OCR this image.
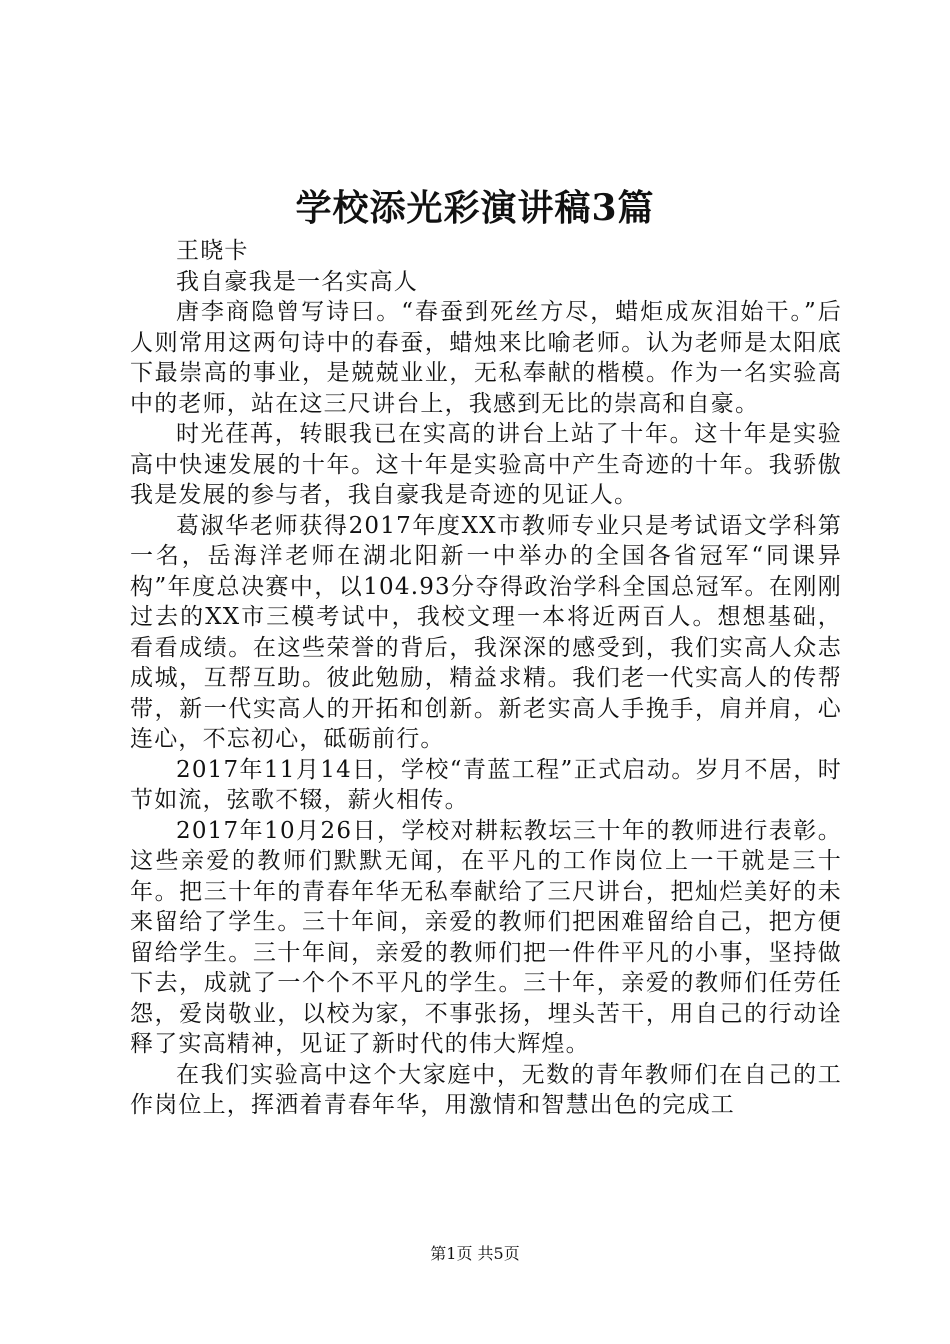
学校添光彩演讲稿3篇

王晓卡

我自豪我是一名实高人

唐李商隐曾写诗曰。“春蚕到死丝方尽，蜡炬成灰泪始干。”后人则常用这两句诗中的春蚕，蜡烛来比喻老师。认为老师是太阳底下最崇高的事业，是兢兢业业，无私奉献的楷模。作为一名实验高中的老师，站在这三尺讲台上，我感到无比的崇高和自豪。

时光荏苒，转眼我已在实高的讲台上站了十年。这十年是实验高中快速发展的十年。这十年是实验高中产生奇迹的十年。我骄傲我是发展的参与者，我自豪我是奇迹的见证人。

葛淑华老师获得2017年度XX市教师专业只是考试语文学科第一名，岳海洋老师在湖北阳新一中举办的全国各省冠军“同课异构”年度总决赛中，以104.93分夺得政治学科全国总冠军。在刚刚过去的XX市三模考试中，我校文理一本将近两百人。想想基础，看看成绩。在这些荣誉的背后，我深深的感受到，我们实高人众志成城，互帮互助。彼此勉励，精益求精。我们老一代实高人的传帮带，新一代实高人的开拓和创新。新老实高人手挽手，肩并肩，心连心，不忘初心，砥砺前行。

2017年11月14日，学校“青蓝工程”正式启动。岁月不居，时节如流，弦歌不辍，薪火相传。

2017年10月26日，学校对耕耘教坛三十年的教师进行表彰。这些亲爱的教师们默默无闻，在平凡的工作岗位上一干就是三十年。把三十年的青春年华无私奉献给了三尺讲台，把灿烂美好的未来留给了学生。三十年间，亲爱的教师们把困难留给自己，把方便留给学生。三十年间，亲爱的教师们把一件件平凡的小事，坚持做下去，成就了一个个不平凡的学生。三十年，亲爱的教师们任劳任怨，爱岗敬业，以校为家，不事张扬，埋头苦干，用自己的行动诠释了实高精神，见证了新时代的伟大辉煌。

在我们实验高中这个大家庭中，无数的青年教师们在自己的工作岗位上，挥洒着青春年华，用激情和智慧出色的完成工

第1页 共5页
